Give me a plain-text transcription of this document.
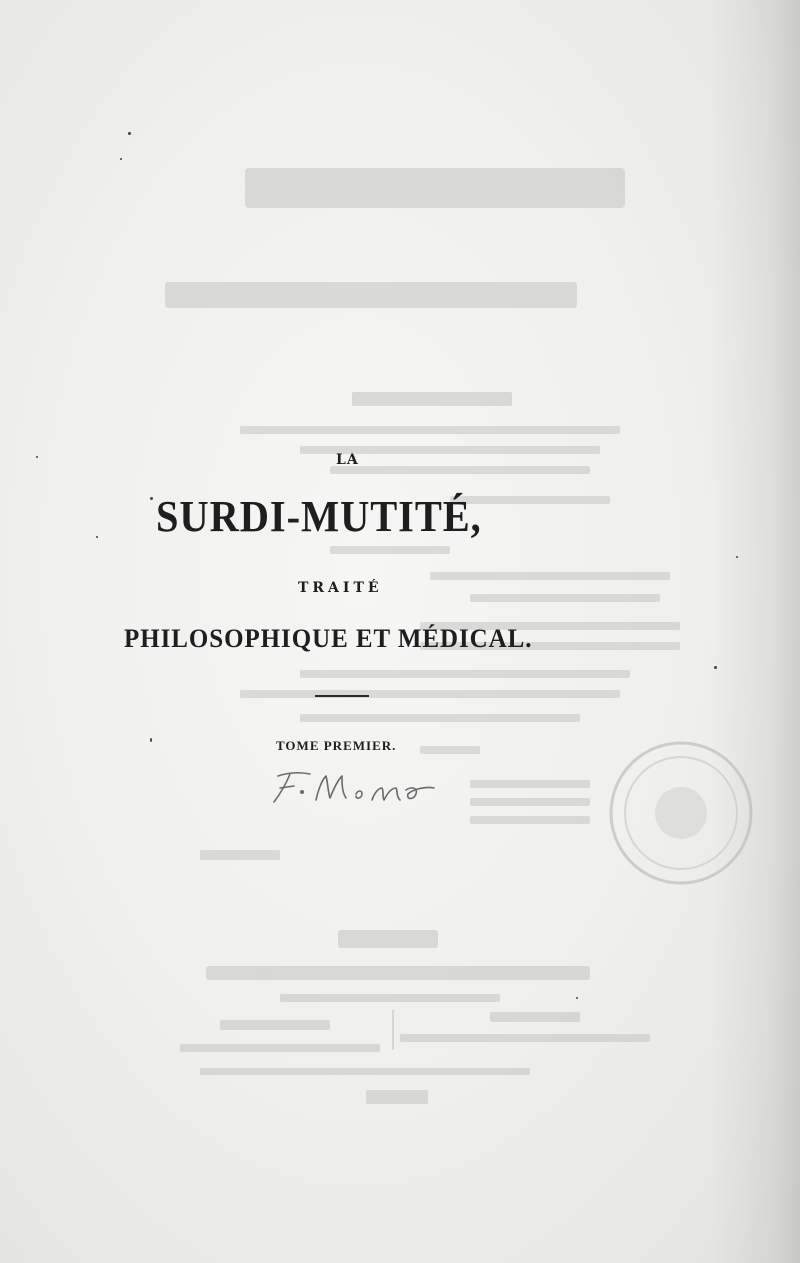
LA

SURDI-MUTITÉ,

TRAITÉ

PHILOSOPHIQUE ET MÉDICAL.

TOME PREMIER.
